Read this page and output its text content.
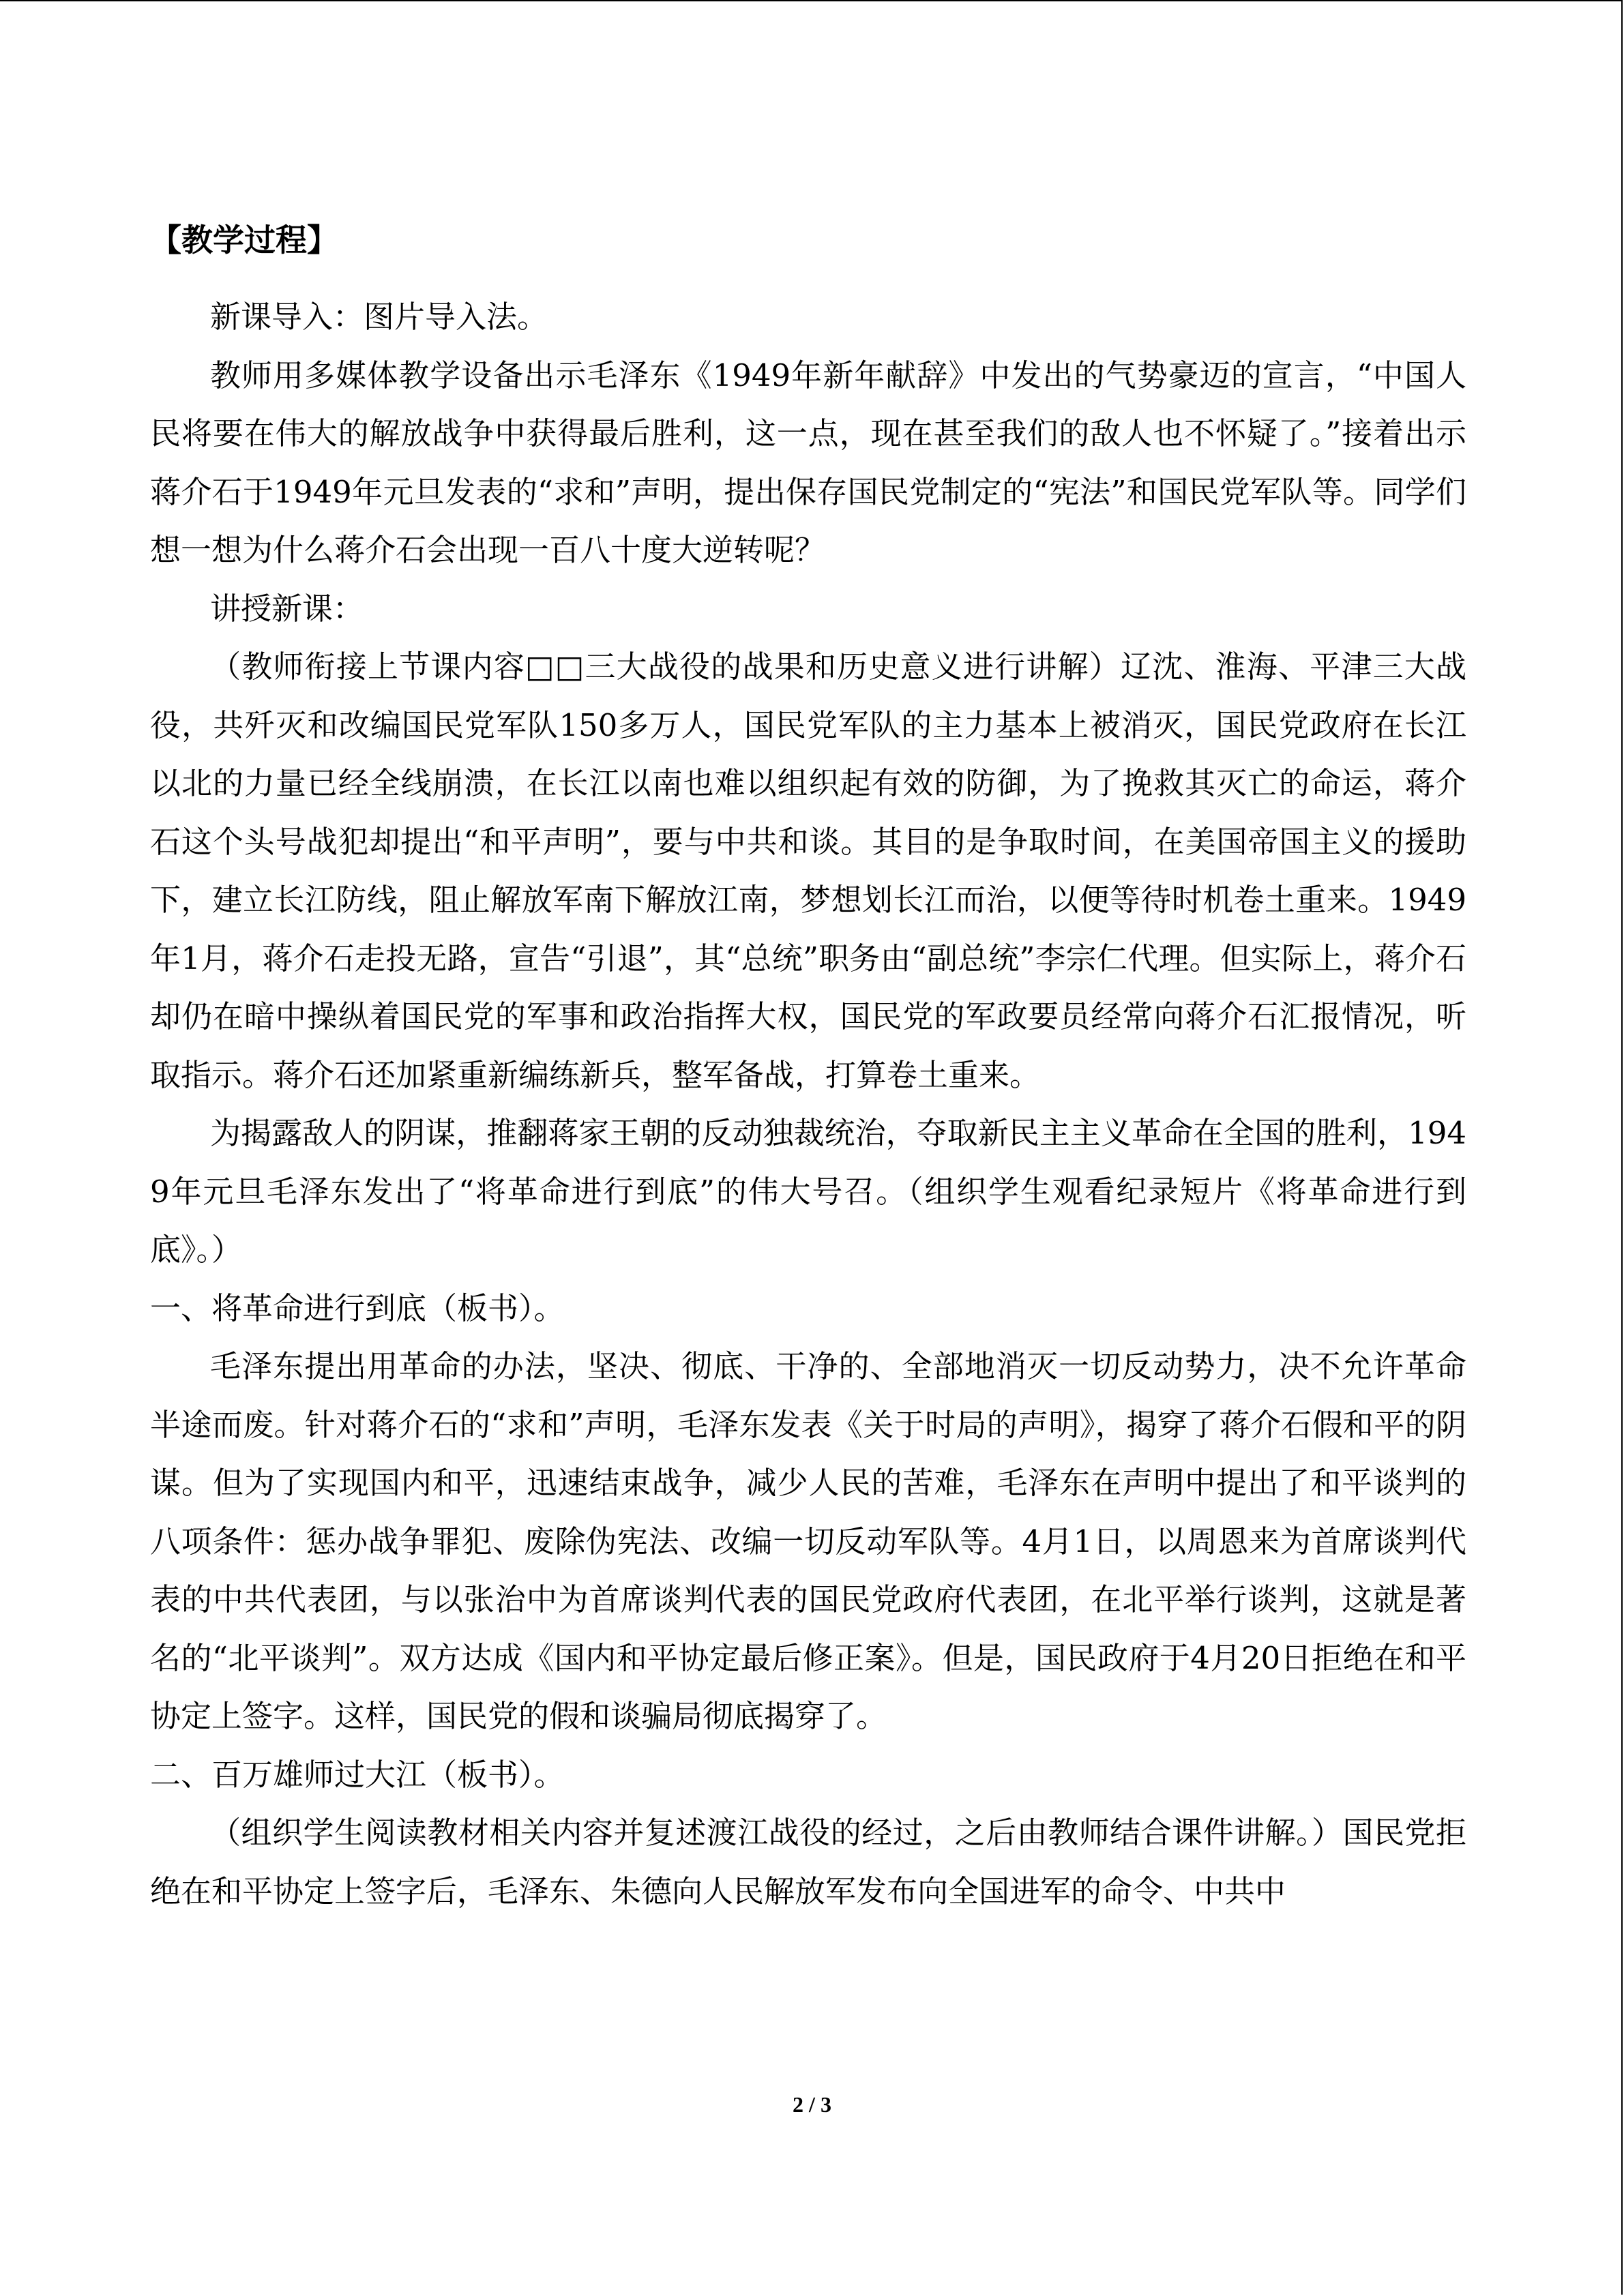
【教学过程】

新课导入：图片导入法。

教师用多媒体教学设备出示毛泽东《1949年新年献辞》中发出的气势豪迈的宣言，“中国人民将要在伟大的解放战争中获得最后胜利，这一点，现在甚至我们的敌人也不怀疑了。”接着出示蒋介石于1949年元旦发表的“求和”声明，提出保存国民党制定的“宪法”和国民党军队等。同学们想一想为什么蒋介石会出现一百八十度大逆转呢？

讲授新课：

（教师衔接上节课内容□□三大战役的战果和历史意义进行讲解）辽沈、淮海、平津三大战役，共歼灭和改编国民党军队150多万人，国民党军队的主力基本上被消灭，国民党政府在长江以北的力量已经全线崩溃，在长江以南也难以组织起有效的防御，为了挽救其灭亡的命运，蒋介石这个头号战犯却提出“和平声明”，要与中共和谈。其目的是争取时间，在美国帝国主义的援助下，建立长江防线，阻止解放军南下解放江南，梦想划长江而治，以便等待时机卷土重来。1949年1月，蒋介石走投无路，宣告“引退”，其“总统”职务由“副总统”李宗仁代理。但实际上，蒋介石却仍在暗中操纵着国民党的军事和政治指挥大权，国民党的军政要员经常向蒋介石汇报情况，听取指示。蒋介石还加紧重新编练新兵，整军备战，打算卷土重来。

为揭露敌人的阴谋，推翻蒋家王朝的反动独裁统治，夺取新民主主义革命在全国的胜利，1949年元旦毛泽东发出了“将革命进行到底”的伟大号召。（组织学生观看纪录短片《将革命进行到底》。）

一、将革命进行到底（板书）。

毛泽东提出用革命的办法，坚决、彻底、干净的、全部地消灭一切反动势力，决不允许革命半途而废。针对蒋介石的“求和”声明，毛泽东发表《关于时局的声明》，揭穿了蒋介石假和平的阴谋。但为了实现国内和平，迅速结束战争，减少人民的苦难，毛泽东在声明中提出了和平谈判的八项条件：惩办战争罪犯、废除伪宪法、改编一切反动军队等。4月1日，以周恩来为首席谈判代表的中共代表团，与以张治中为首席谈判代表的国民党政府代表团，在北平举行谈判，这就是著名的“北平谈判”。双方达成《国内和平协定最后修正案》。但是，国民政府于4月20日拒绝在和平协定上签字。这样，国民党的假和谈骗局彻底揭穿了。

二、百万雄师过大江（板书）。

（组织学生阅读教材相关内容并复述渡江战役的经过，之后由教师结合课件讲解。）国民党拒绝在和平协定上签字后，毛泽东、朱德向人民解放军发布向全国进军的命令、中共中

2 / 3
